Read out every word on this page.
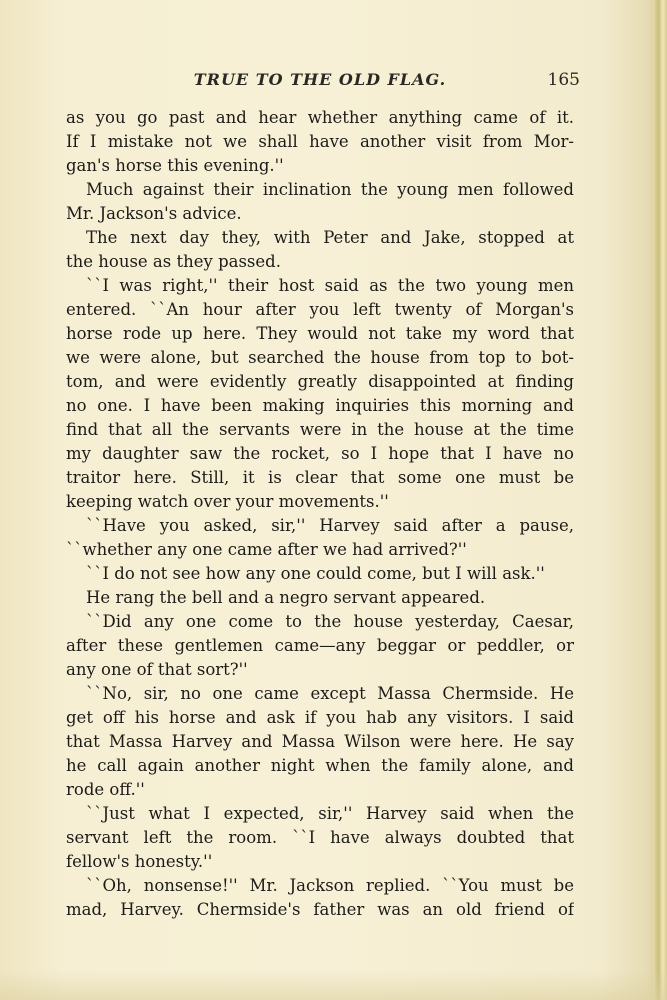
TRUE TO THE OLD FLAG.	165
as you go past and hear whether anything came of it.
If I mistake not we shall have another visit from Mor-
gan's horse this evening.''
Much against their inclination the young men followed
Mr. Jackson's advice.
The next day they, with Peter and Jake, stopped at
the house as they passed.
``I was right,'' their host said as the two young men
entered. ``An hour after you left twenty of Morgan's
horse rode up here. They would not take my word that
we were alone, but searched the house from top to bot-
tom, and were evidently greatly disappointed at finding
no one. I have been making inquiries this morning and
find that all the servants were in the house at the time
my daughter saw the rocket, so I hope that I have no
traitor here. Still, it is clear that some one must be
keeping watch over your movements.''
``Have you asked, sir,'' Harvey said after a pause,
``whether any one came after we had arrived?''
``I do not see how any one could come, but I will ask.''
He rang the bell and a negro servant appeared.
``Did any one come to the house yesterday, Caesar,
after these gentlemen came—any beggar or peddler, or
any one of that sort?''
``No, sir, no one came except Massa Chermside. He
get off his horse and ask if you hab any visitors. I said
that Massa Harvey and Massa Wilson were here. He say
he call again another night when the family alone, and
rode off.''
``Just what I expected, sir,'' Harvey said when the
servant left the room. ``I have always doubted that
fellow's honesty.''
``Oh, nonsense!'' Mr. Jackson replied. ``You must be
mad, Harvey. Chermside's father was an old friend of
